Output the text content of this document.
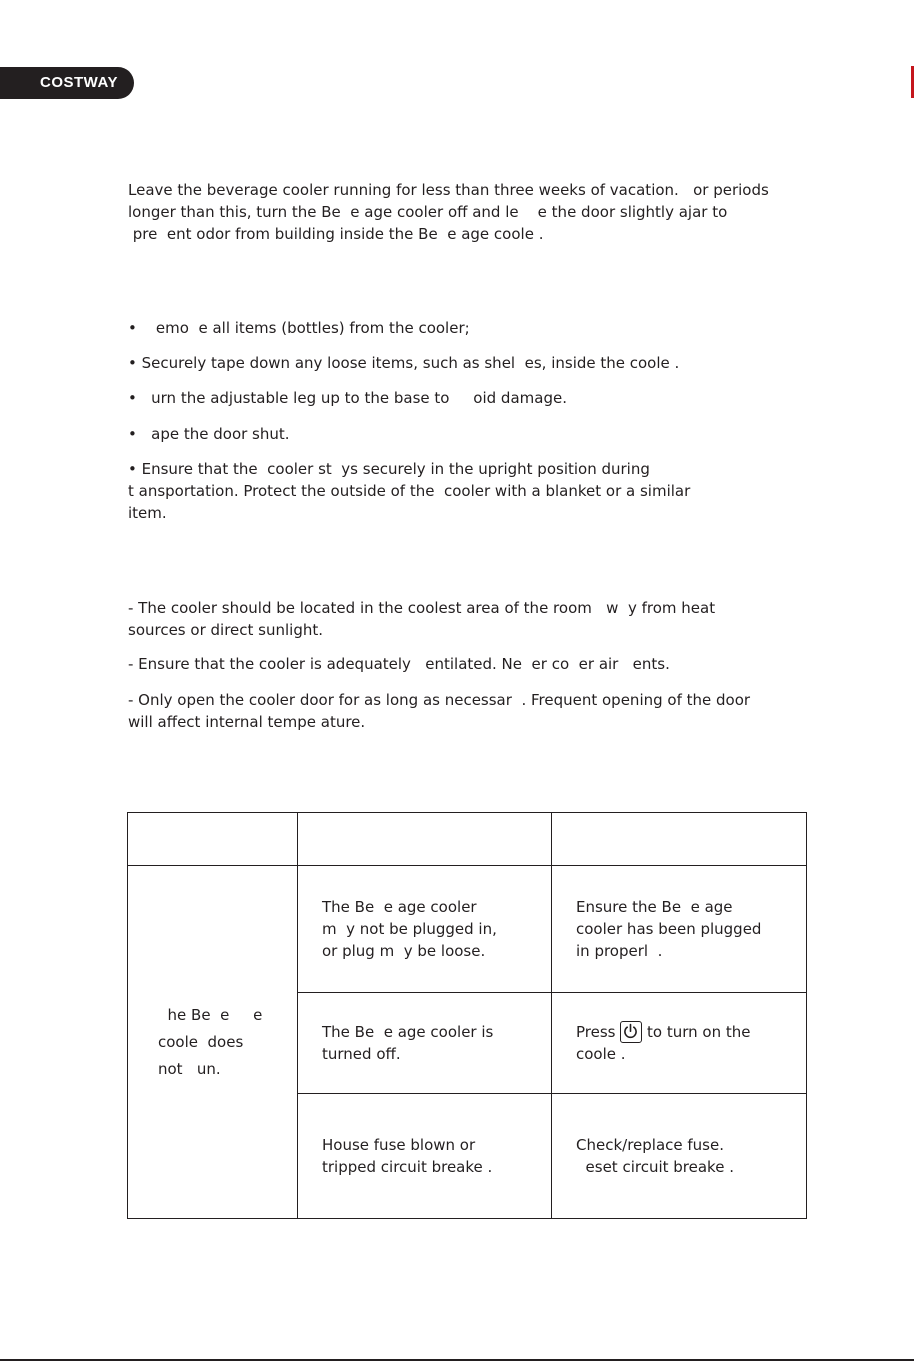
COSTWAY

Leave the beverage cooler running for less than three weeks of vacation.   or periods
longer than this, turn the Be  e age cooler off and le    e the door slightly ajar to
pre  ent odor from building inside the Be  e age coole .

•    emo  e all items (bottles) from the cooler;

• Securely tape down any loose items, such as shel  es, inside the coole .

•   urn the adjustable leg up to the base to     oid damage.

•   ape the door shut.

• Ensure that the  cooler st  ys securely in the upright position during
t ansportation. Protect the outside of the  cooler with a blanket or a similar
item.

- The cooler should be located in the coolest area of the room   w  y from heat
sources or direct sunlight.

- Ensure that the cooler is adequately   entilated. Ne  er co  er air   ents.

- Only open the cooler door for as long as necessar  . Frequent opening of the door
will affect internal tempe ature.

he Be  e     e
coole  does
not   un.	The Be  e age cooler
m  y not be plugged in,
or plug m  y be loose.	Ensure the Be  e age
cooler has been plugged
in properl  .
	The Be  e age cooler is
turned off.	Press
to turn on the
coole .
	House fuse blown or
tripped circuit breake .	Check/replace fuse.
eset circuit breake .
